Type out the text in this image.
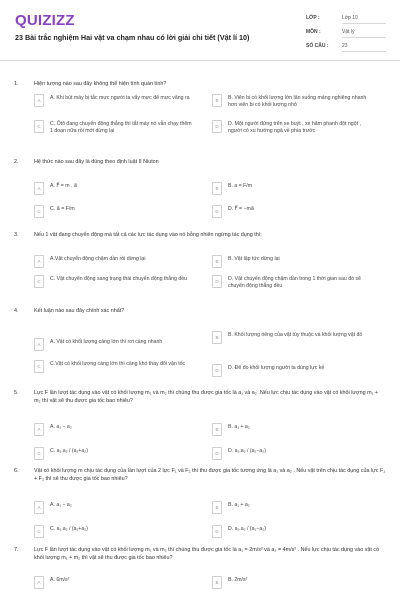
QUIZIZZ
23 Bài trắc nghiệm Hai vật va chạm nhau có lời giải chi tiết (Vật lí 10)
LỚP :	Lớp 10
MÔN :	Vật lý
SỐ CÂU :	23
1.	Hiện tượng nào sau đây không thể hiện tính quán tính?
A	A. Khi bút máy bị tắc mực người ta vẩy mực để mực vǎng ra	B	B. Viên bi có khối lượng lớn lǎn xuống máng nghiêng nhanh hơn viên bi có khối lượng nhỏ
C	C. Ôtô đang chuyển động thẳng thì tắt máy nó vẫn chạy thêm 1 đoạn nữa rồi mới dừng lại
D	D. Một người đứng trên xe buýt , xe hãm phanh đột ngột , người có xu hướng ngả về phía trước
2.	Hệ thức nào sau đây là đúng theo định luật II Niuton
A	A. F⃗ = m . a⃗	B	B. a = F/m
C	C. a⃗ = F/m	D	D. F⃗ = −ma⃗
3.	Nếu 1 vật đang chuyển động mà tất cả các lực tác dụng vào nó bỗng nhiên ngừng tác dụng thì:
A	A.Vật chuyển động chậm dần rồi dừng lại	B	B. Vật lập tức dừng lại
C	C. Vật chuyển động sang trạng thái chuyển động thẳng đều	D	D. Vật chuyển động chậm dần trong 1 thời gian sau đó sẽ chuyển động thẳng đều
4.	Kết luận nào sau đây chính xác nhất?
A	A. Vật có khối lượng càng lớn thì rơi càng nhanh
B	B. Khối lượng riêng của vật tùy thuộc và khối lượng vật đó
C	C.Vật có khối lượng càng lớn thì càng khó thay đổi vận tốc
D	D. Để đo khối lượng người ta dùng lực kế
5.	Lực F lần lượt tác dụng vào vật có khối lượng m₁ và m₂ thì chúng thu được gia tốc là a₁ và a₂ .Nếu lực chịu tác dụng vào vật có khối lượng m₁ + m₂ thì vật sẽ thu được gia tốc bao nhiêu?
A	A. a₁ − a₂	B	B. a₁ + a₂
C	C. a₁.a₂ / (a₁+a₂)	D	D. a₁.a₂ / (a₁−a₂)
6.	Vật có khối lượng m chịu tác dụng của lần lượt của 2 lực F₁ và F₂ thì thu được gia tốc tương ứng là a₁ và a₂ . Nếu vật trên chịu tác dụng của lực F₁ + F₂ thì sẽ thu được gia tốc bao nhiêu?
A	A. a₁ − a₂	B	B. a₁ + a₂
C	C. a₁.a₂ / (a₁+a₂)	D	D. a₁.a₂ / (a₁−a₂)
7.	Lực F lần lượt tác dụng vào vật có khối lượng m₁ và m₂ thì chúng thu được gia tốc là a₁ = 2m/s² và a₂ = 4m/s² . Nếu lực chịu tác dụng vào vật có khối lượng m₁ + m₂ thì vật sẽ thu được gia tốc bao nhiêu?
A	A. 6m/s²	B	B. 2m/s²
